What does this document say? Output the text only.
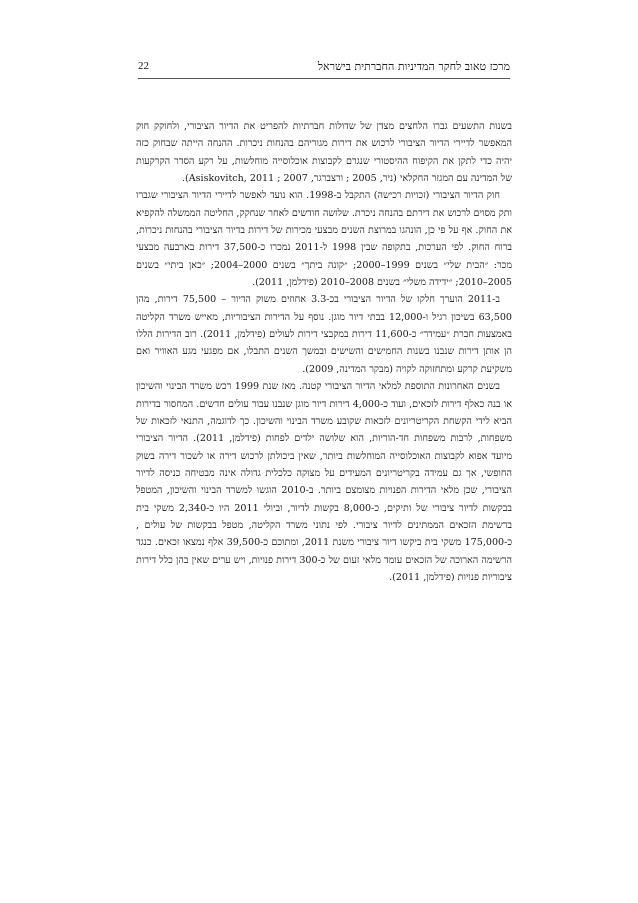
מרכז טאוב לחקר המדיניות החברתית בישראל
22

בשנות התשעים גברו הלחצים מצדן של שדולות חברתיות להפריט את הדיור הציבורי, ולחוקק חוק המאפשר לדיירי הדיור הציבורי לרכוש את דירות מגוריהם בהנחות ניכרות. ההנחה הייתה שבחוק כזה יהיה כדי לתקן את הקיפוח ההיסטורי שנגרם לקבוצות אוכלוסייה מוחלשות, על רקע הסדר הקרקעות של המדינה עם המגזר החקלאי (ניר, 2005 ; ורצברגר, 2007 ; Asiskovitch, 2011).

חוק הדיור הציבורי (זכויות רכישה) התקבל ב-1998. הוא נועד לאפשר לדיירי הדיור הציבורי שגברו ותק מסוים לרכוש את דירתם בהנחה ניכרת. שלושה חודשים לאחר שנחקק, החליטה הממשלה להקפיא את החוק. אף על פי כן, הונהגו במרוצת השנים מבצעי מכירות של דירות בדיור הציבורי בהנחות ניכרות, ברוח החוק. לפי הערכות, בתקופה שבין 1998 ל-2011 נמכרו כ-37,500 דירות בארבעה מבצעי מכר: ״הבית שלי״ בשנים 1999–2000; ״קונה ביתך״ בשנים 2000–2004; ״כאן ביתי״ בשנים 2005–2010; ״ידידה משלי״ בשנים 2008–2010 (פידלמן, 2011).

ב-2011 הוערך חלקו של הדיור הציבורי בכ-3.3 אחוזים משוק הדיור – 75,500 דירות, מהן 63,500 בשיכון רגיל ו-12,000 בבתי דיור מוגן. נוסף על הדירות הציבוריות, מאייש משרד הקליטה באמצעות חברת ״עמידר״ כ-11,600 דירות במקבצי דירות לעולים (פידלמן, 2011). רוב הדירות הללו הן אותן דירות שנבנו בשנות החמישים והשישים ובמשך השנים התבלו, אם מפגעי מגע האוויר ואם משקיעת קרקע ומתחזוקה לקויה (מבקר המדינה, 2009).

בשנים האחרונות התוספת למלאי הדיור הציבורי קטנה. מאז שנת 1999 רכש משרד הבינוי והשיכון או בנה כאלף דירות לזכאים, ועוד כ-4,000 דירות דיור מוגן שנבנו עבור עולים חדשים. המחסור בדירות הביא לידי הקשחת הקריטריונים לזכאות שקובע משרד הבינוי והשיכון. כך לדוגמה, התנאי לזכאות של משפחות, לרבות משפחות חד-הוריות, הוא שלושה ילדים לפחות (פידלמן, 2011). הדיור הציבורי מיועד אפוא לקבוצות האוכלוסייה המוחלשות ביותר, שאין ביכולתן לרכוש דירה או לשכור דירה בשוק החופשי, אך גם עמידה בקריטריונים המעידים על מצוקה כלכלית גדולה אינה מבטיחה כניסה לדיור הציבורי, שכן מלאי הדירות הפנויות מצומצם ביותר. ב-2010 הוגשו למשרד הבינוי והשיכון, המטפל בבקשות לדיור ציבורי של ותיקים, כ-8,000 בקשות לדיור, וביולי 2011 היו כ-2,340 משקי בית ברשימת הזכאים הממתינים לדיור ציבורי. לפי נתוני משרד הקליטה, מטפל בבקשות של עולים , כ-175,000 משקי בית ביקשו דיור ציבורי משנת 2011, ומתוכם כ-39,500 אלף נמצאו זכאים. כנגד הרשימה הארוכה של הזכאים עומד מלאי זעום של כ-300 דירות פנויות, ויש ערים שאין בהן כלל דירות ציבוריות פנויות (פידלמן, 2011).
